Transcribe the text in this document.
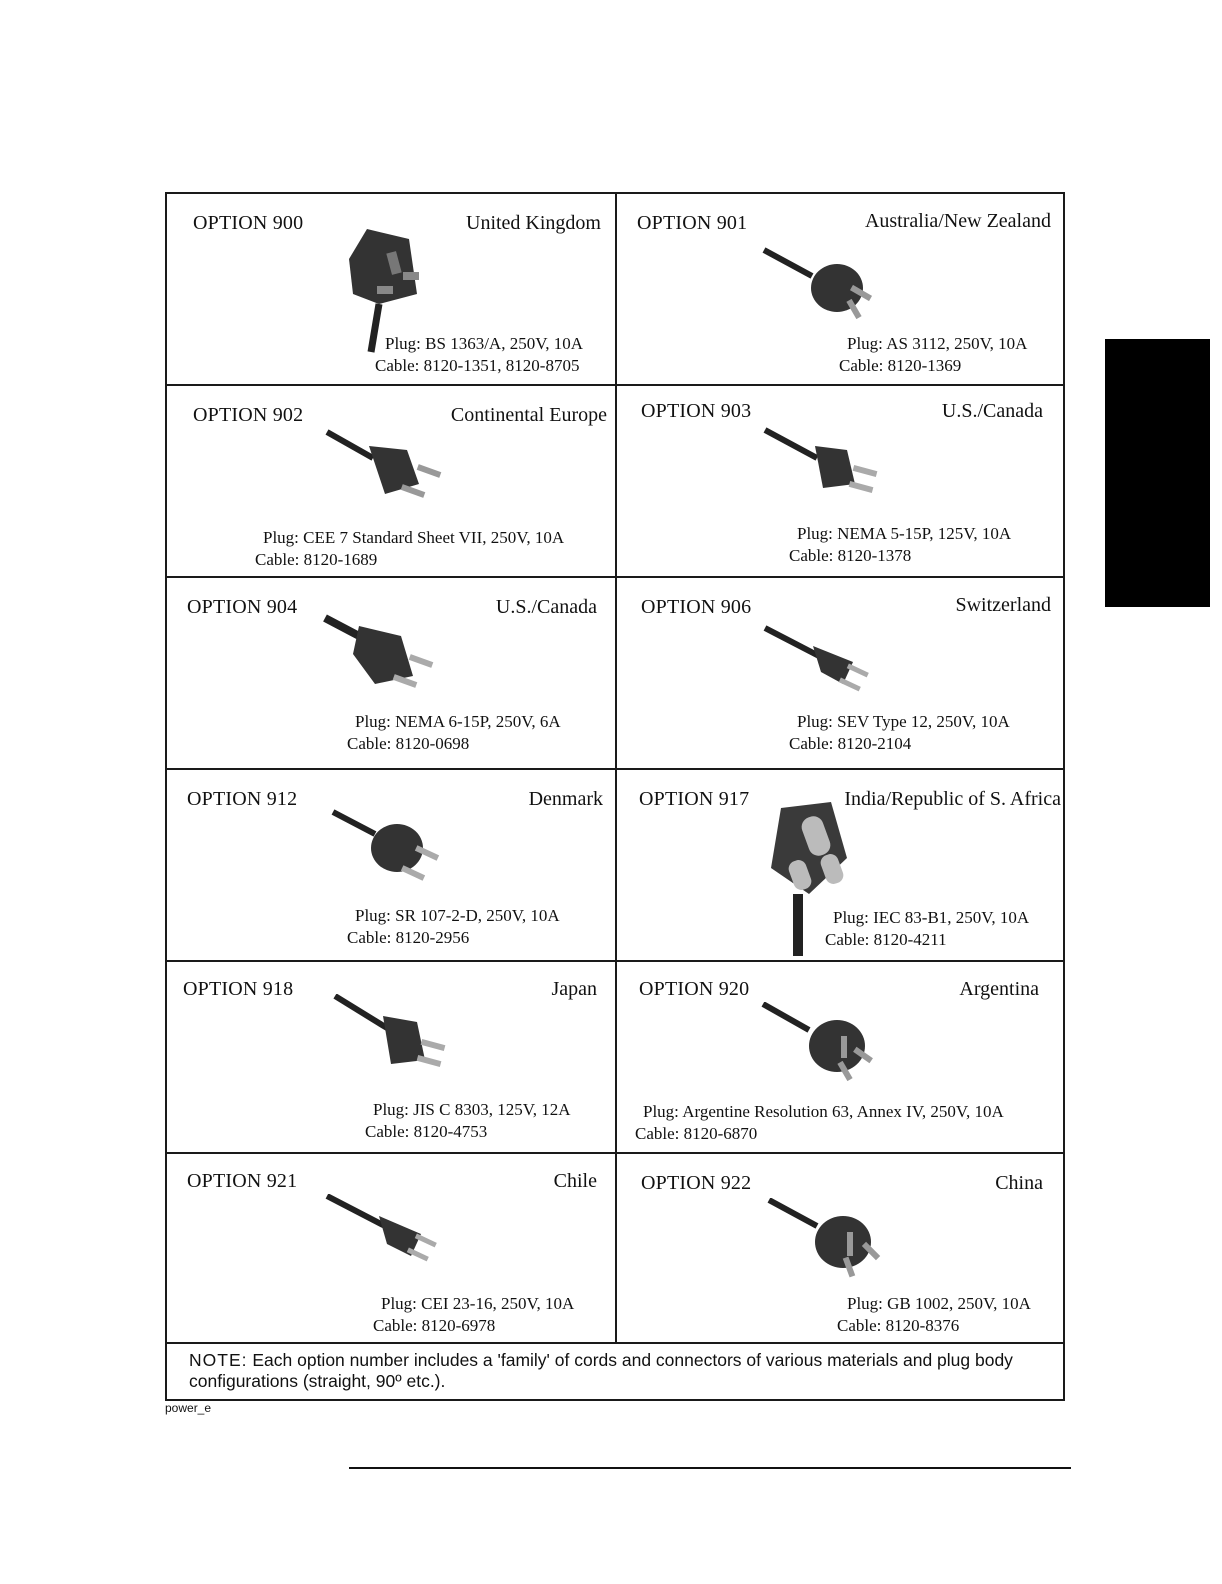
OPTION 900	United Kingdom
Plug: BS 1363/A, 250V, 10A
Cable: 8120-1351, 8120-8705
OPTION 901	Australia/New Zealand
Plug: AS 3112, 250V, 10A
Cable: 8120-1369
OPTION 902	Continental Europe
Plug: CEE 7 Standard Sheet VII, 250V, 10A
Cable: 8120-1689
OPTION 903	U.S./Canada
Plug: NEMA 5-15P, 125V, 10A
Cable: 8120-1378
OPTION 904	U.S./Canada
Plug: NEMA 6-15P, 250V, 6A
Cable: 8120-0698
OPTION 906	Switzerland
Plug: SEV Type 12, 250V, 10A
Cable: 8120-2104
OPTION 912	Denmark
Plug: SR 107-2-D, 250V, 10A
Cable: 8120-2956
OPTION 917	India/Republic of S. Africa
Plug: IEC 83-B1, 250V, 10A
Cable: 8120-4211
OPTION 918	Japan
Plug: JIS C 8303, 125V, 12A
Cable: 8120-4753
OPTION 920	Argentina
Plug: Argentine Resolution 63, Annex IV, 250V, 10A
Cable: 8120-6870
OPTION 921	Chile
Plug: CEI 23-16, 250V, 10A
Cable: 8120-6978
OPTION 922	China
Plug: GB 1002, 250V, 10A
Cable: 8120-8376
NOTE: Each option number includes a 'family' of cords and connectors of various materials and plug body configurations (straight, 90º etc.).
power_e
